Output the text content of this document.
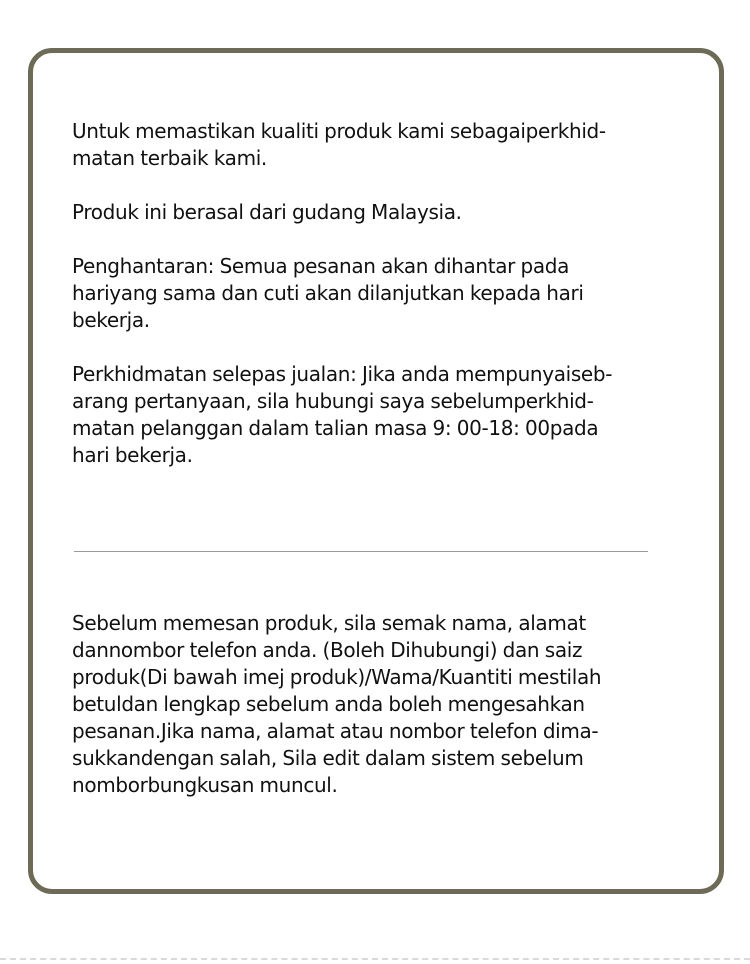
Untuk memastikan kualiti produk kami sebagaiperkhid-
matan terbaik kami.

Produk ini berasal dari gudang Malaysia.

Penghantaran: Semua pesanan akan dihantar pada
hariyang sama dan cuti akan dilanjutkan kepada hari
bekerja.

Perkhidmatan selepas jualan: Jika anda mempunyaiseb-
arang pertanyaan, sila hubungi saya sebelumperkhid-
matan pelanggan dalam talian masa 9: 00-18: 00pada
hari bekerja.

Sebelum memesan produk, sila semak nama, alamat
dannombor telefon anda. (Boleh Dihubungi) dan saiz
produk(Di bawah imej produk)/Wama/Kuantiti mestilah
betuldan lengkap sebelum anda boleh mengesahkan
pesanan.Jika nama, alamat atau nombor telefon dima-
sukkandengan salah, Sila edit dalam sistem sebelum
nomborbungkusan muncul.
